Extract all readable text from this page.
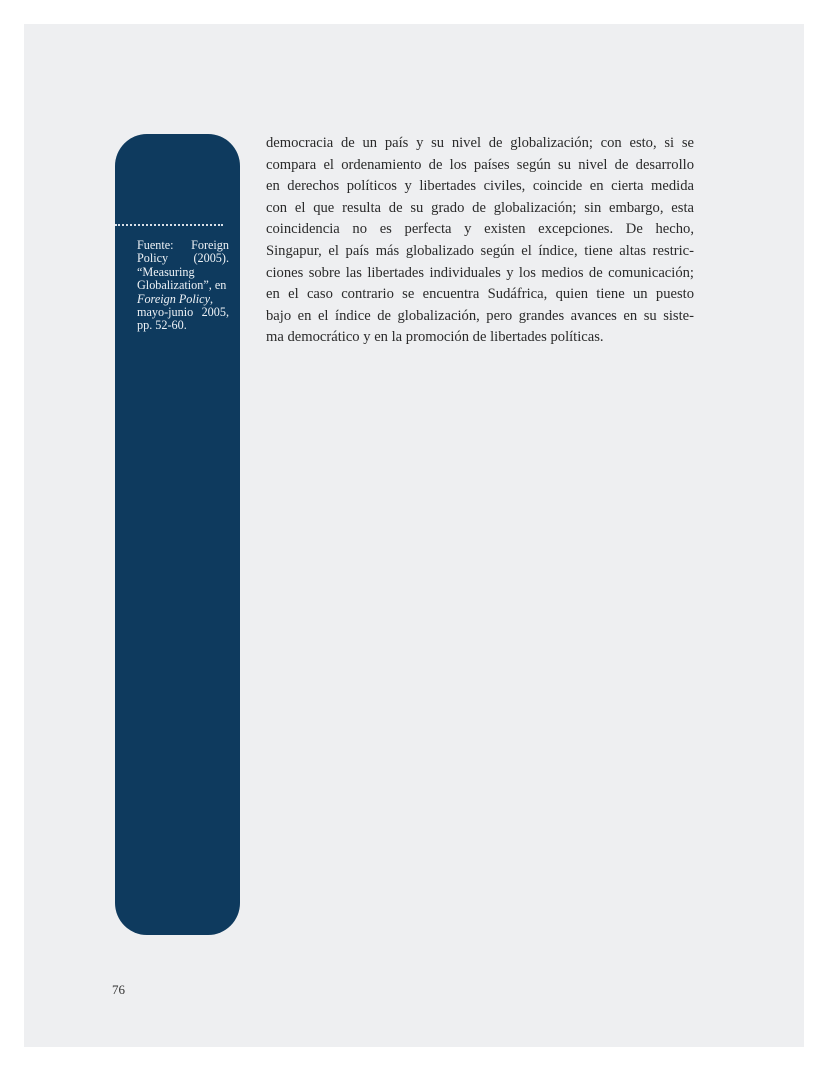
Fuente: Foreign
Policy (2005).
“Measuring
Globalization”, en
Foreign Policy,
mayo-junio 2005,
pp. 52-60.

democracia de un país y su nivel de globalización; con esto, si se
compara el ordenamiento de los países según su nivel de desarrollo
en derechos políticos y libertades civiles, coincide en cierta medida
con el que resulta de su grado de globalización; sin embargo, esta
coincidencia no es perfecta y existen excepciones. De hecho,
Singapur, el país más globalizado según el índice, tiene altas restric-
ciones sobre las libertades individuales y los medios de comunicación;
en el caso contrario se encuentra Sudáfrica, quien tiene un puesto
bajo en el índice de globalización, pero grandes avances en su siste-
ma democrático y en la promoción de libertades políticas.

76
